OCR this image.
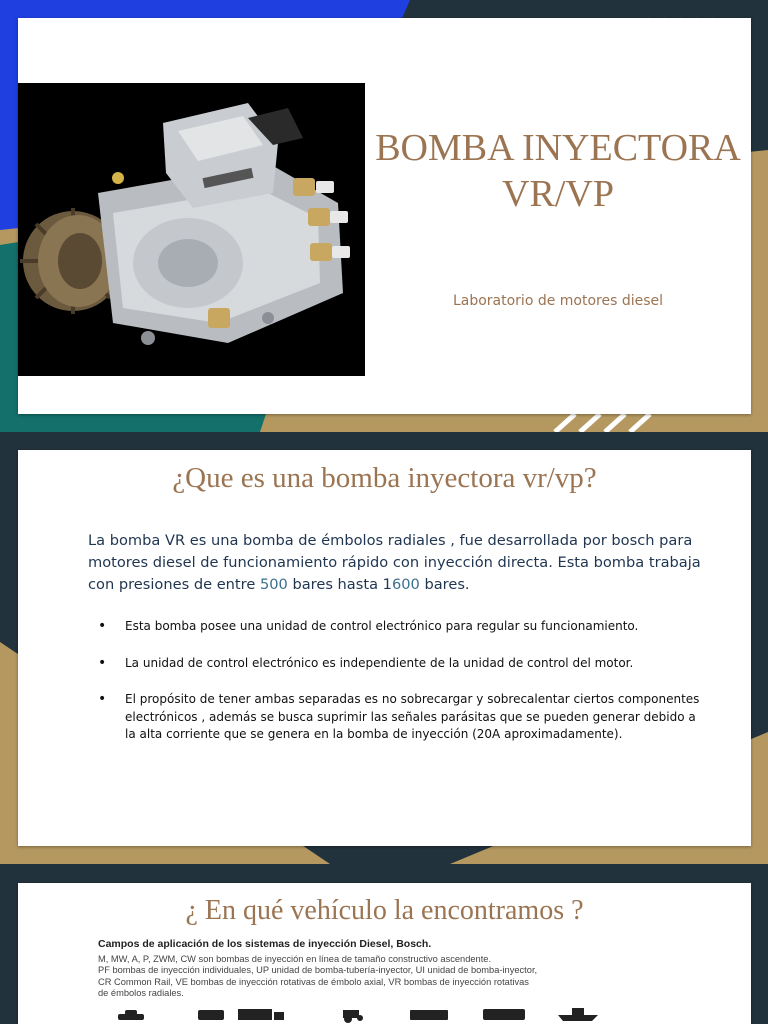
BOMBA INYECTORA
VR/VP

Laboratorio de motores diesel

¿Que es una bomba inyectora vr/vp?

La bomba VR es una bomba de émbolos radiales , fue desarrollada por bosch para motores diesel de funcionamiento rápido con inyección directa. Esta bomba trabaja con presiones de entre 500 bares hasta 1600 bares.

• Esta bomba posee una unidad de control electrónico para regular su funcionamiento.
• La unidad de control electrónico es independiente de la unidad de control del motor.
• El propósito de tener ambas separadas es no sobrecargar y sobrecalentar ciertos componentes electrónicos , además se busca suprimir las señales parásitas que se pueden generar debido a la alta corriente que se genera en la bomba de inyección (20A aproximadamente).
¿ En qué vehículo la encontramos ?
Campos de aplicación de los sistemas de inyección Diesel, Bosch.
M, MW, A, P, ZWM, CW son bombas de inyección en línea de tamaño constructivo ascendente.
PF bombas de inyección individuales, UP unidad de bomba-tubería-inyector, UI unidad de bomba-inyector,
CR Common Rail, VE bombas de inyección rotativas de émbolo axial, VR bombas de inyección rotativas
de émbolos radiales.
